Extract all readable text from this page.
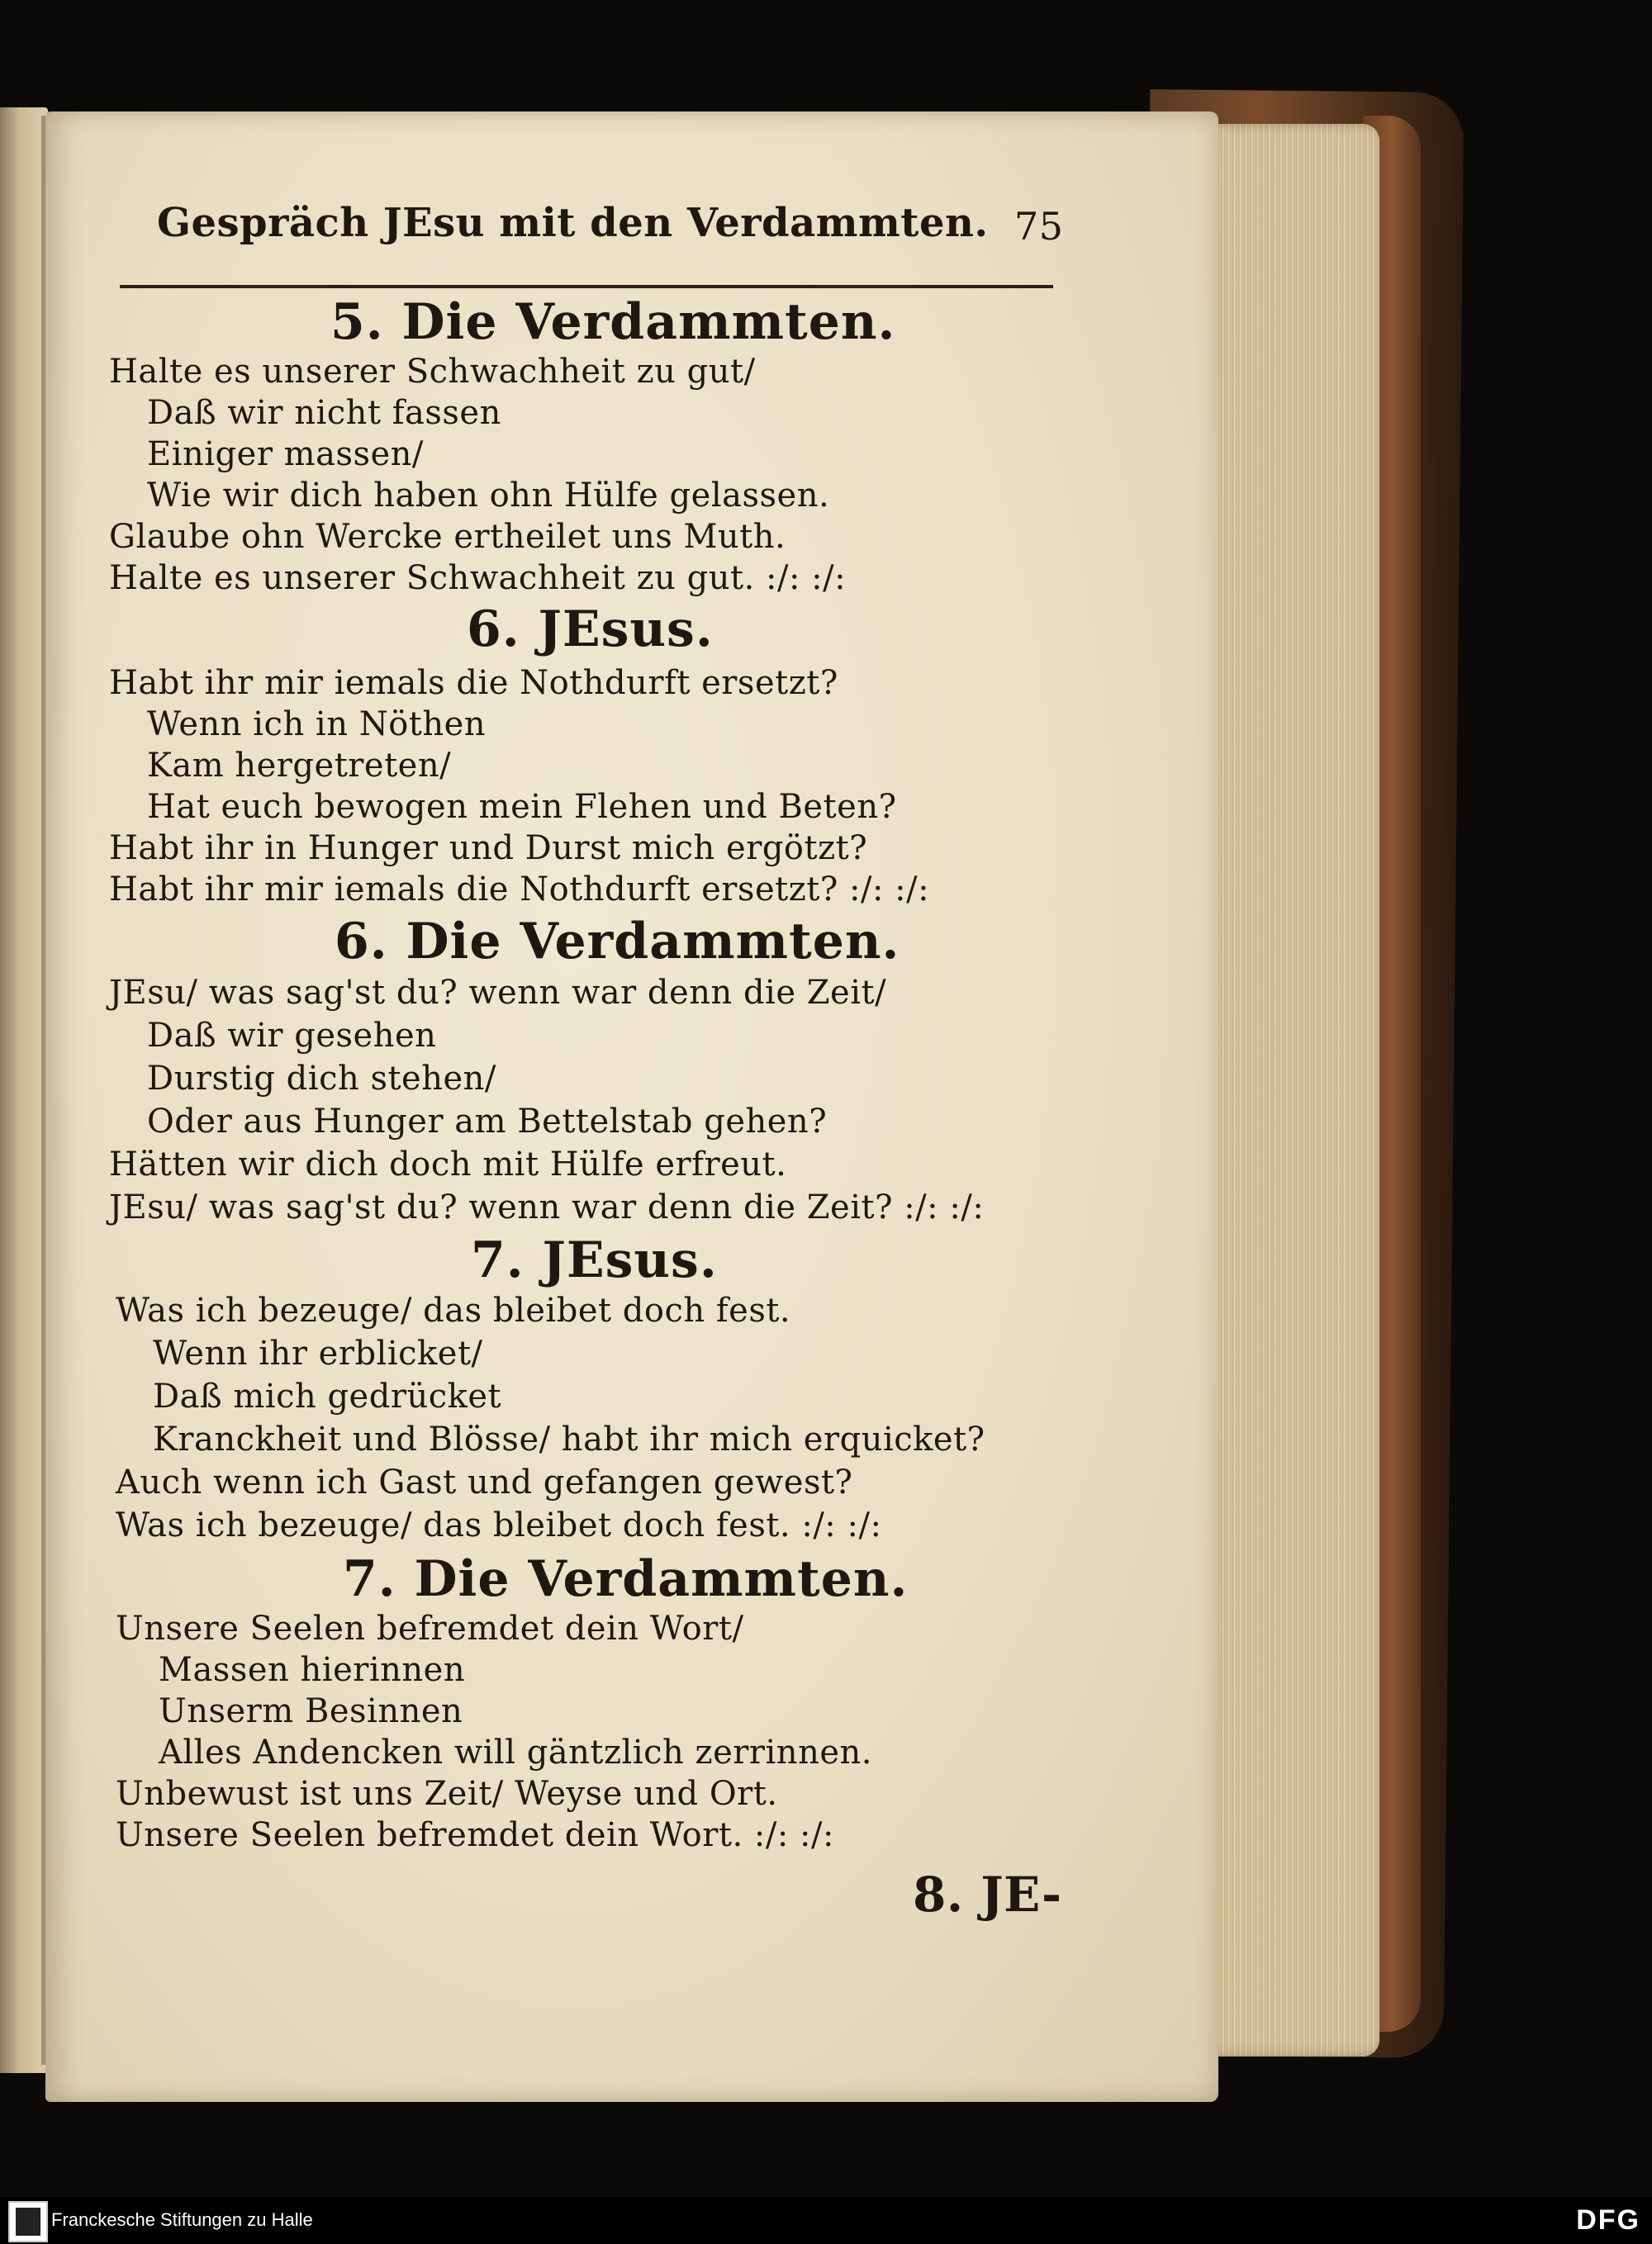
Gespräch JEsu mit den Verdammten. 75
5. Die Verdammten.
Halte es unserer Schwachheit zu gut/
Daß wir nicht fassen
Einiger massen/
Wie wir dich haben ohn Hülfe gelassen.
Glaube ohn Wercke ertheilet uns Muth.
Halte es unserer Schwachheit zu gut. :/: :/:
6. JEsus.
Habt ihr mir iemals die Nothdurft ersetzt?
Wenn ich in Nöthen
Kam hergetreten/
Hat euch bewogen mein Flehen und Beten?
Habt ihr in Hunger und Durst mich ergötzt?
Habt ihr mir iemals die Nothdurft ersetzt? :/: :/:
6. Die Verdammten.
JEsu/ was sag'st du? wenn war denn die Zeit/
Daß wir gesehen
Durstig dich stehen/
Oder aus Hunger am Bettelstab gehen?
Hätten wir dich doch mit Hülfe erfreut.
JEsu/ was sag'st du? wenn war denn die Zeit? :/: :/:
7. JEsus.
Was ich bezeuge/ das bleibet doch fest.
Wenn ihr erblicket/
Daß mich gedrücket
Kranckheit und Blösse/ habt ihr mich erquicket?
Auch wenn ich Gast und gefangen gewest?
Was ich bezeuge/ das bleibet doch fest. :/: :/:
7. Die Verdammten.
Unsere Seelen befremdet dein Wort/
Massen hierinnen
Unserm Besinnen
Alles Andencken will gäntzlich zerrinnen.
Unbewust ist uns Zeit/ Weyse und Ort.
Unsere Seelen befremdet dein Wort. :/: :/:
8. JE-
Franckesche Stiftungen zu Halle	DFG
